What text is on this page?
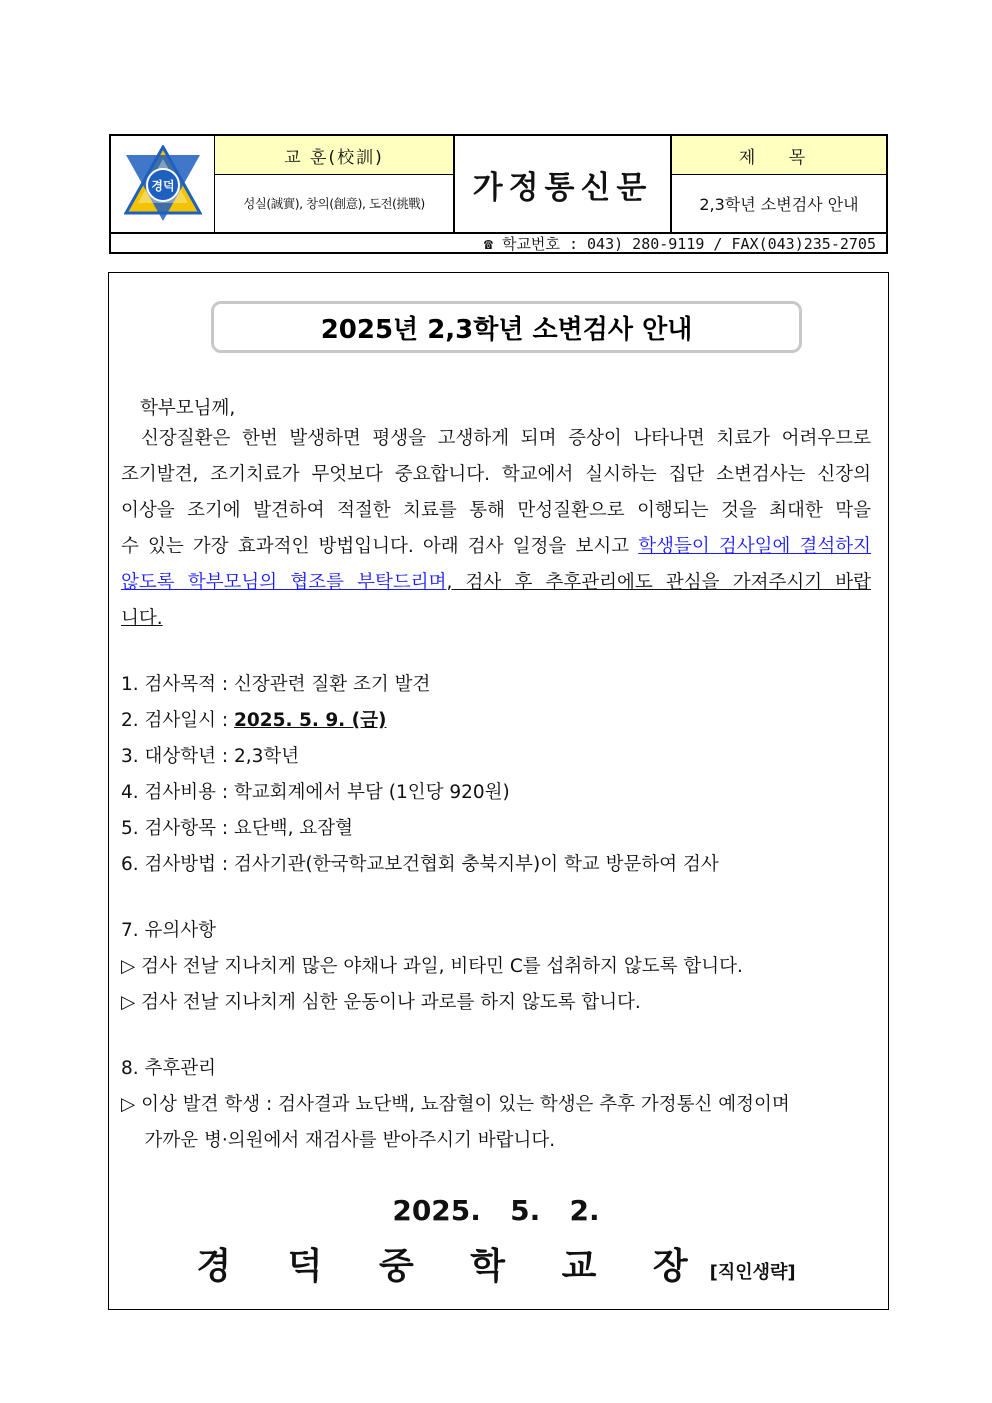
경덕
교 훈(校訓)
성실(誠實), 창의(創意), 도전(挑戰)	가정통신문
제 목
2,3학년 소변검사 안내
☎ 학교번호 : 043) 280-9119 / FAX(043)235-2705
2025년 2,3학년 소변검사 안내
학부모님께,
신장질환은 한번 발생하면 평생을 고생하게 되며 증상이 나타나면 치료가 어려우므로
조기발견, 조기치료가 무엇보다 중요합니다. 학교에서 실시하는 집단 소변검사는 신장의
이상을 조기에 발견하여 적절한 치료를 통해 만성질환으로 이행되는 것을 최대한 막을
수 있는 가장 효과적인 방법입니다. 아래 검사 일정을 보시고 학생들이 검사일에 결석하지
않도록 학부모님의 협조를 부탁드리며, 검사 후 추후관리에도 관심을 가져주시기 바랍
니다.
1. 검사목적 : 신장관련 질환 조기 발견
2. 검사일시 : 2025. 5. 9. (금)
3. 대상학년 : 2,3학년
4. 검사비용 : 학교회계에서 부담 (1인당 920원)
5. 검사항목 : 요단백, 요잠혈
6. 검사방법 : 검사기관(한국학교보건협회 충북지부)이 학교 방문하여 검사
7. 유의사항
▷ 검사 전날 지나치게 많은 야채나 과일, 비타민 C를 섭취하지 않도록 합니다.
▷ 검사 전날 지나치게 심한 운동이나 과로를 하지 않도록 합니다.
8. 추후관리
▷ 이상 발견 학생 : 검사결과 뇨단백, 뇨잠혈이 있는 학생은 추후 가정통신 예정이며
가까운 병·의원에서 재검사를 받아주시기 바랍니다.
2025.   5.   2.
경 덕 중 학 교 장[직인생략]
